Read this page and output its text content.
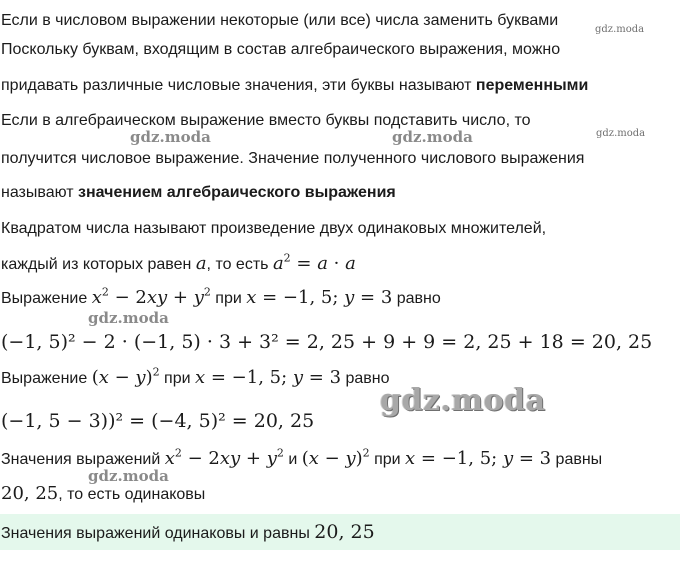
Если в числовом выражении некоторые (или все) числа заменить буквами
Поскольку буквам, входящим в состав алгебраического выражения, можно
придавать различные числовые значения, эти буквы называют переменными
Если в алгебраическом выражение вместо буквы подставить число, то
получится числовое выражение. Значение полученного числового выражения
называют значением алгебраического выражения
Квадратом числа называют произведение двух одинаковых множителей,
каждый из которых равен a, то есть $a^2 = a \cdot a$
Выражение $x^2 - 2xy + y^2$ при x = −1, 5; y = 3 равно
(−1, 5)² − 2 · (−1, 5) · 3 + 3² = 2, 25 + 9 + 9 = 2, 25 + 18 = 20, 25
Выражение $(x - y)^2$ при x = −1, 5; y = 3 равно
(−1, 5 − 3))² = (−4, 5)² = 20, 25
Значения выражений $x^2 - 2xy + y^2$ и $(x - y)^2$ при x = −1, 5; y = 3 равны
20, 25, то есть одинаковы
Значения выражений одинаковы и равны 20, 25
gdz.moda
gdz.moda	gdz.moda	gdz.moda
gdz.moda
gdz.moda
gdz.moda
